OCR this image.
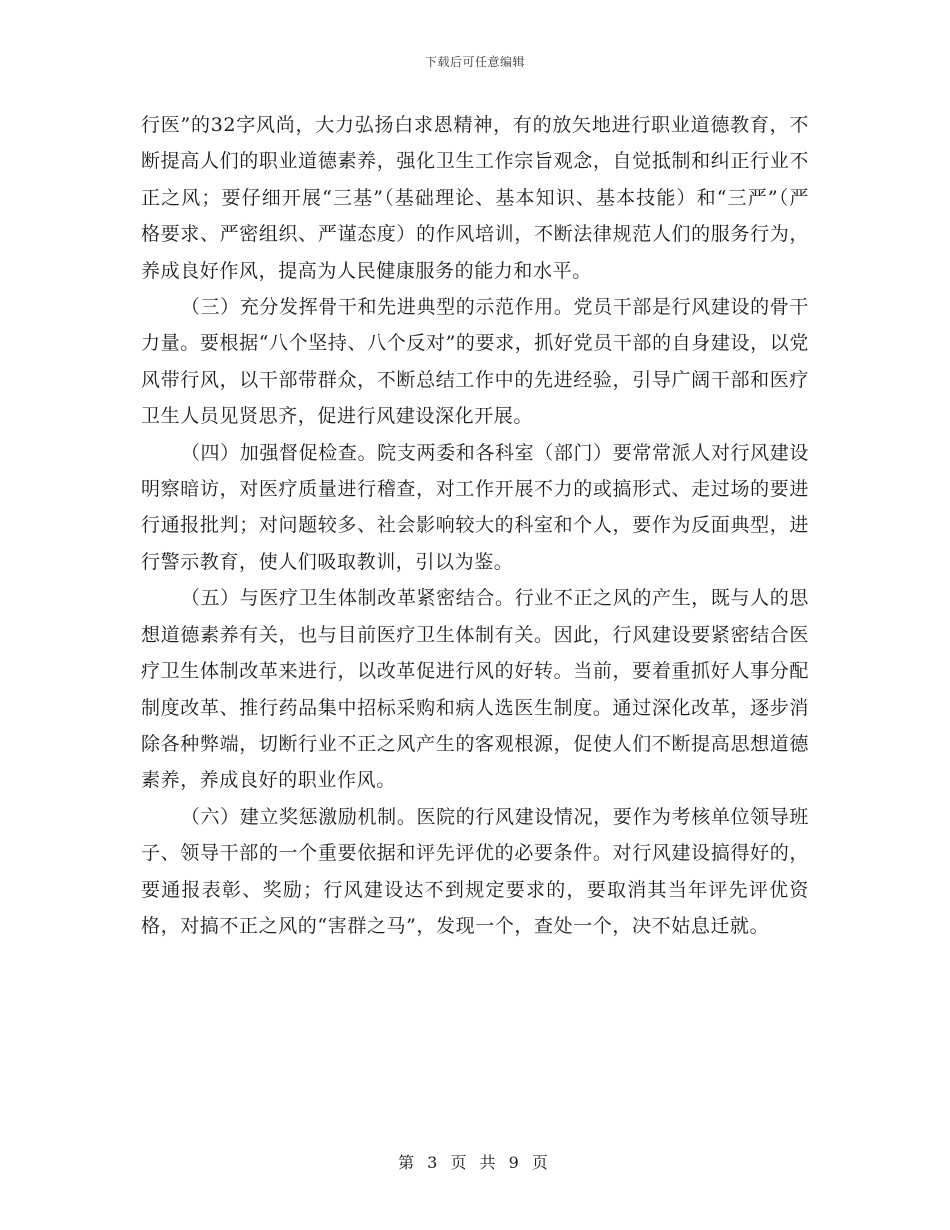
下载后可任意编辑

行医”的32字风尚，大力弘扬白求恩精神，有的放矢地进行职业道德教育，不断提高人们的职业道德素养，强化卫生工作宗旨观念，自觉抵制和纠正行业不正之风；要仔细开展“三基”（基础理论、基本知识、基本技能）和“三严”（严格要求、严密组织、严谨态度）的作风培训，不断法律规范人们的服务行为，养成良好作风，提高为人民健康服务的能力和水平。

（三）充分发挥骨干和先进典型的示范作用。党员干部是行风建设的骨干力量。要根据“八个坚持、八个反对”的要求，抓好党员干部的自身建设，以党风带行风，以干部带群众，不断总结工作中的先进经验，引导广阔干部和医疗卫生人员见贤思齐，促进行风建设深化开展。

（四）加强督促检查。院支两委和各科室（部门）要常常派人对行风建设明察暗访，对医疗质量进行稽查，对工作开展不力的或搞形式、走过场的要进行通报批判；对问题较多、社会影响较大的科室和个人，要作为反面典型，进行警示教育，使人们吸取教训，引以为鉴。

（五）与医疗卫生体制改革紧密结合。行业不正之风的产生，既与人的思想道德素养有关，也与目前医疗卫生体制有关。因此，行风建设要紧密结合医疗卫生体制改革来进行，以改革促进行风的好转。当前，要着重抓好人事分配制度改革、推行药品集中招标采购和病人选医生制度。通过深化改革，逐步消除各种弊端，切断行业不正之风产生的客观根源，促使人们不断提高思想道德素养，养成良好的职业作风。

（六）建立奖惩激励机制。医院的行风建设情况，要作为考核单位领导班子、领导干部的一个重要依据和评先评优的必要条件。对行风建设搞得好的，要通报表彰、奖励；行风建设达不到规定要求的，要取消其当年评先评优资格，对搞不正之风的“害群之马”，发现一个，查处一个，决不姑息迁就。

第 3 页 共 9 页
